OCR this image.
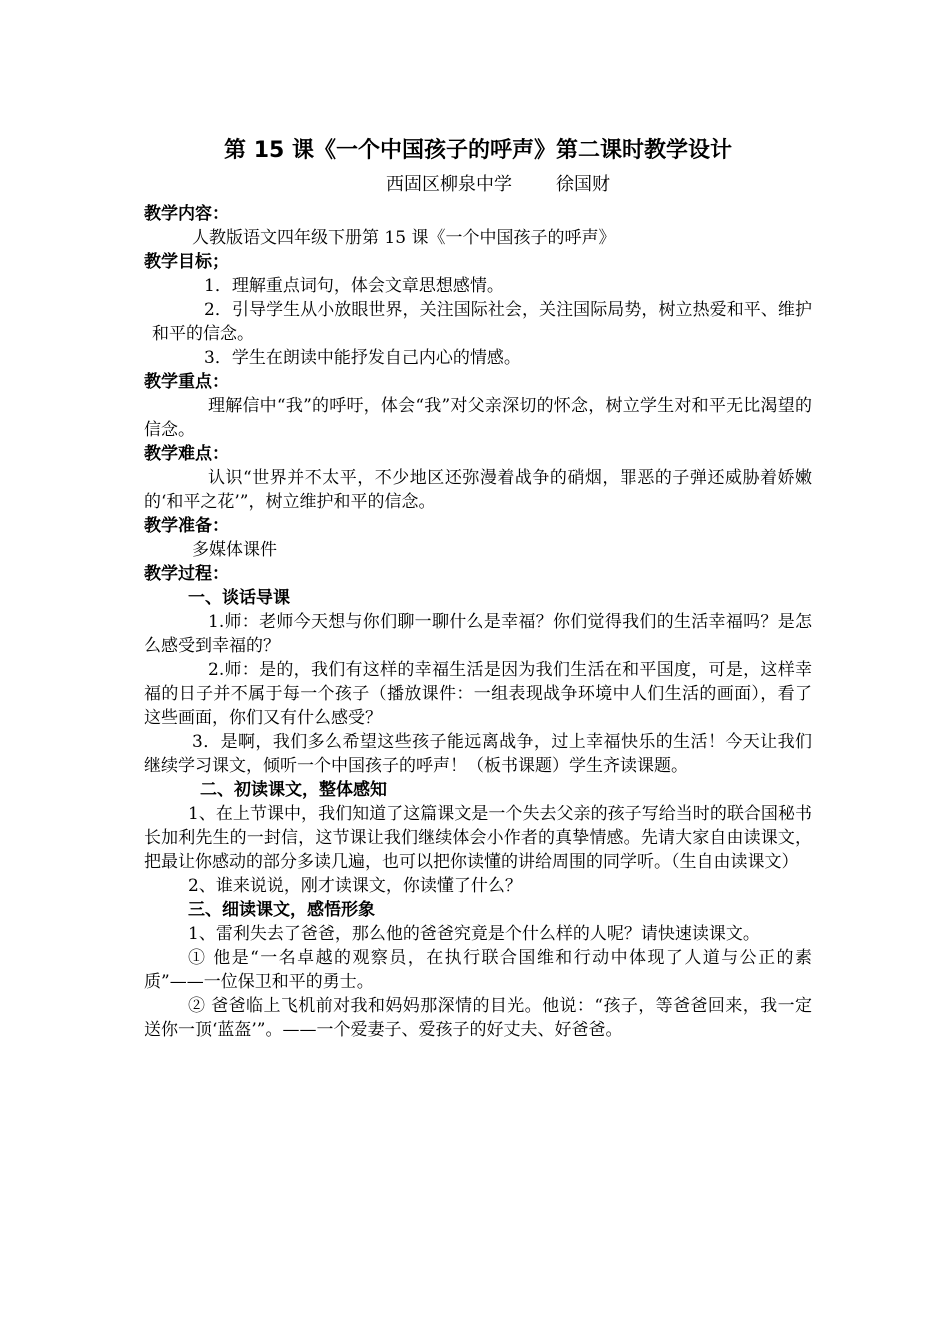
第 15 课《一个中国孩子的呼声》第二课时教学设计
西固区柳泉中学 徐国财
教学内容：

人教版语文四年级下册第 15 课《一个中国孩子的呼声》

教学目标；

1．理解重点词句，体会文章思想感情。

2．引导学生从小放眼世界，关注国际社会，关注国际局势，树立热爱和平、维护和平的信念。

3．学生在朗读中能抒发自己内心的情感。

教学重点：

理解信中“我”的呼吁，体会“我”对父亲深切的怀念，树立学生对和平无比渴望的信念。

教学难点：

认识“世界并不太平，不少地区还弥漫着战争的硝烟，罪恶的子弹还威胁着娇嫩的‘和平之花’”，树立维护和平的信念。

教学准备：

多媒体课件

教学过程：
一、谈话导课

1.师：老师今天想与你们聊一聊什么是幸福？你们觉得我们的生活幸福吗？是怎么感受到幸福的？

2.师：是的，我们有这样的幸福生活是因为我们生活在和平国度，可是，这样幸福的日子并不属于每一个孩子（播放课件：一组表现战争环境中人们生活的画面），看了这些画面，你们又有什么感受？

3．是啊，我们多么希望这些孩子能远离战争，过上幸福快乐的生活！今天让我们继续学习课文，倾听一个中国孩子的呼声！（板书课题）学生齐读课题。

二、初读课文，整体感知

1、在上节课中，我们知道了这篇课文是一个失去父亲的孩子写给当时的联合国秘书长加利先生的一封信，这节课让我们继续体会小作者的真挚情感。先请大家自由读课文，把最让你感动的部分多读几遍，也可以把你读懂的讲给周围的同学听。（生自由读课文）

2、谁来说说，刚才读课文，你读懂了什么？

三、细读课文，感悟形象

1、雷利失去了爸爸，那么他的爸爸究竟是个什么样的人呢？请快速读课文。

① 他是“一名卓越的观察员，在执行联合国维和行动中体现了人道与公正的素质”——一位保卫和平的勇士。

② 爸爸临上飞机前对我和妈妈那深情的目光。他说：“孩子，等爸爸回来，我一定送你一顶‘蓝盔’”。——一个爱妻子、爱孩子的好丈夫、好爸爸。
